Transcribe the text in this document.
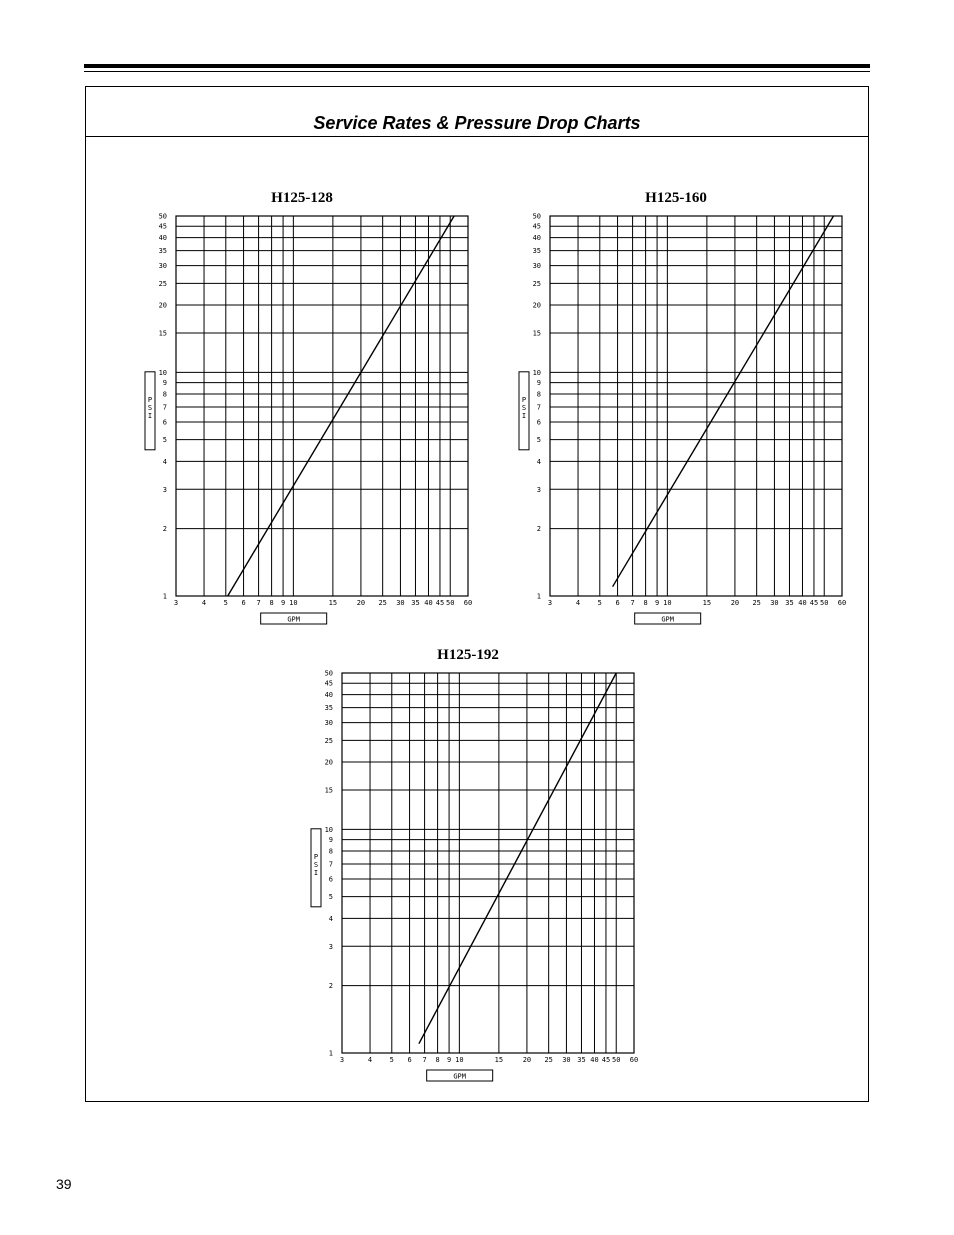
Service Rates & Pressure Drop Charts
H125-128
3	4	5 6 7 8 9 10	15	20 25 30 35 40 45 50 60
1
2
3
4
5
6
7
8
9
10
15
20
25
30
35
40
45
50
GPM
P S I
H125-160
3	4	5 6 7 8 9 10	15	20 25 30 35 40 45 50 60
1
2
3
4
5
6
7
8
9
10
15
20
25
30
35
40
45
50
GPM
P S I
H125-192
3	4	5 6 7 8 9 10	15	20 25 30 35 40 45 50 60
1
2
3
4
5
6
7
8
9
10
15
20
25
30
35
40
45
50
GPM
P S I
39
